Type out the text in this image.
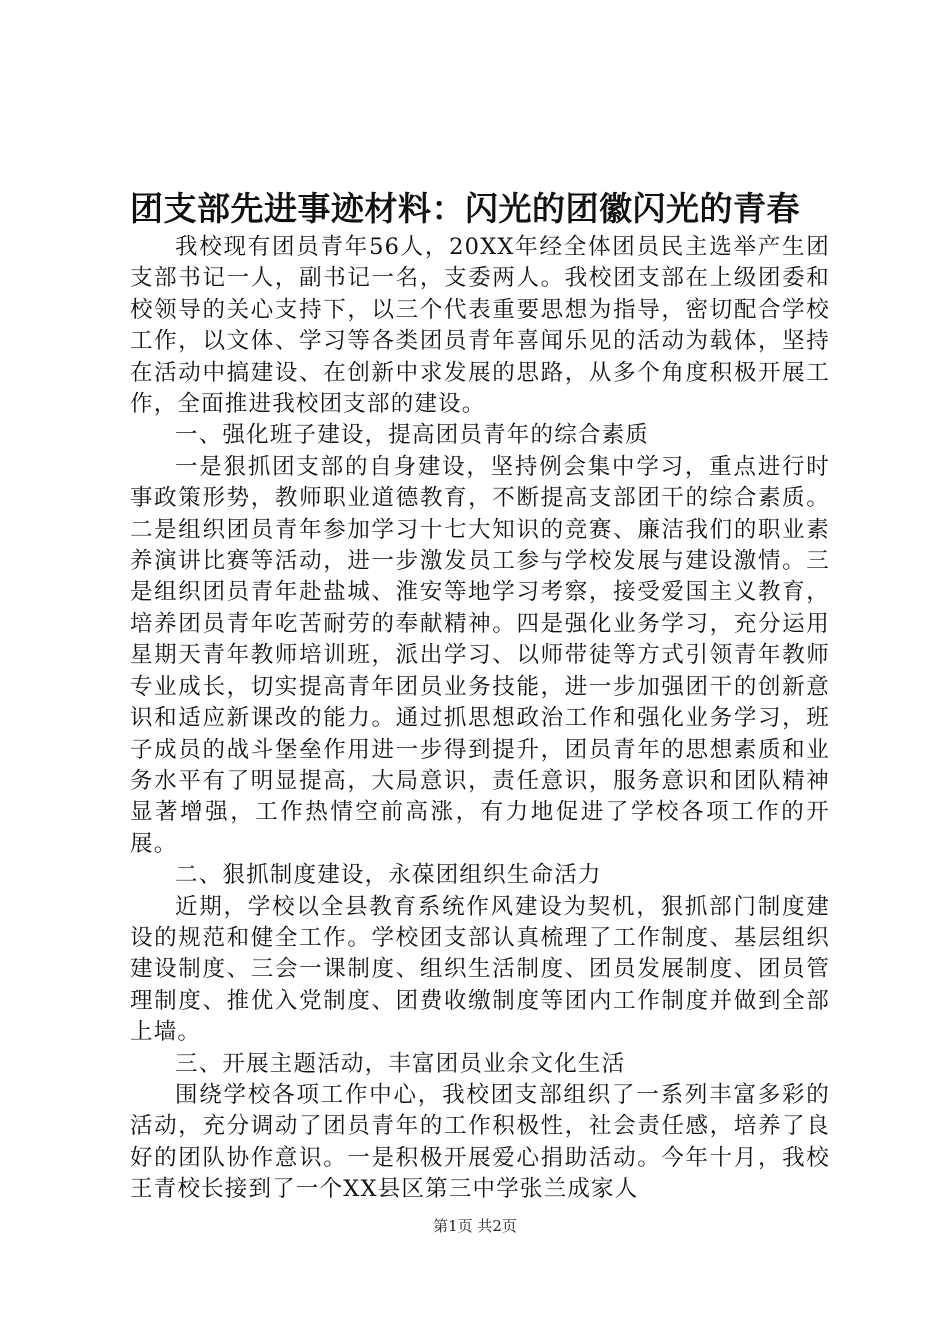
团支部先进事迹材料：闪光的团徽闪光的青春

我校现有团员青年56人，20XX年经全体团员民主选举产生团支部书记一人，副书记一名，支委两人。我校团支部在上级团委和校领导的关心支持下，以三个代表重要思想为指导，密切配合学校工作，以文体、学习等各类团员青年喜闻乐见的活动为载体，坚持在活动中搞建设、在创新中求发展的思路，从多个角度积极开展工作，全面推进我校团支部的建设。

一、强化班子建设，提高团员青年的综合素质

一是狠抓团支部的自身建设，坚持例会集中学习，重点进行时事政策形势，教师职业道德教育，不断提高支部团干的综合素质。二是组织团员青年参加学习十七大知识的竞赛、廉洁我们的职业素养演讲比赛等活动，进一步激发员工参与学校发展与建设激情。三是组织团员青年赴盐城、淮安等地学习考察，接受爱国主义教育，培养团员青年吃苦耐劳的奉献精神。四是强化业务学习，充分运用星期天青年教师培训班，派出学习、以师带徒等方式引领青年教师专业成长，切实提高青年团员业务技能，进一步加强团干的创新意识和适应新课改的能力。通过抓思想政治工作和强化业务学习，班子成员的战斗堡垒作用进一步得到提升，团员青年的思想素质和业务水平有了明显提高，大局意识，责任意识，服务意识和团队精神显著增强，工作热情空前高涨，有力地促进了学校各项工作的开展。

二、狠抓制度建设，永葆团组织生命活力

近期，学校以全县教育系统作风建设为契机，狠抓部门制度建设的规范和健全工作。学校团支部认真梳理了工作制度、基层组织建设制度、三会一课制度、组织生活制度、团员发展制度、团员管理制度、推优入党制度、团费收缴制度等团内工作制度并做到全部上墙。

三、开展主题活动，丰富团员业余文化生活

围绕学校各项工作中心，我校团支部组织了一系列丰富多彩的活动，充分调动了团员青年的工作积极性，社会责任感，培养了良好的团队协作意识。一是积极开展爱心捐助活动。今年十月，我校王青校长接到了一个XX县区第三中学张兰成家人

第1页 共2页
